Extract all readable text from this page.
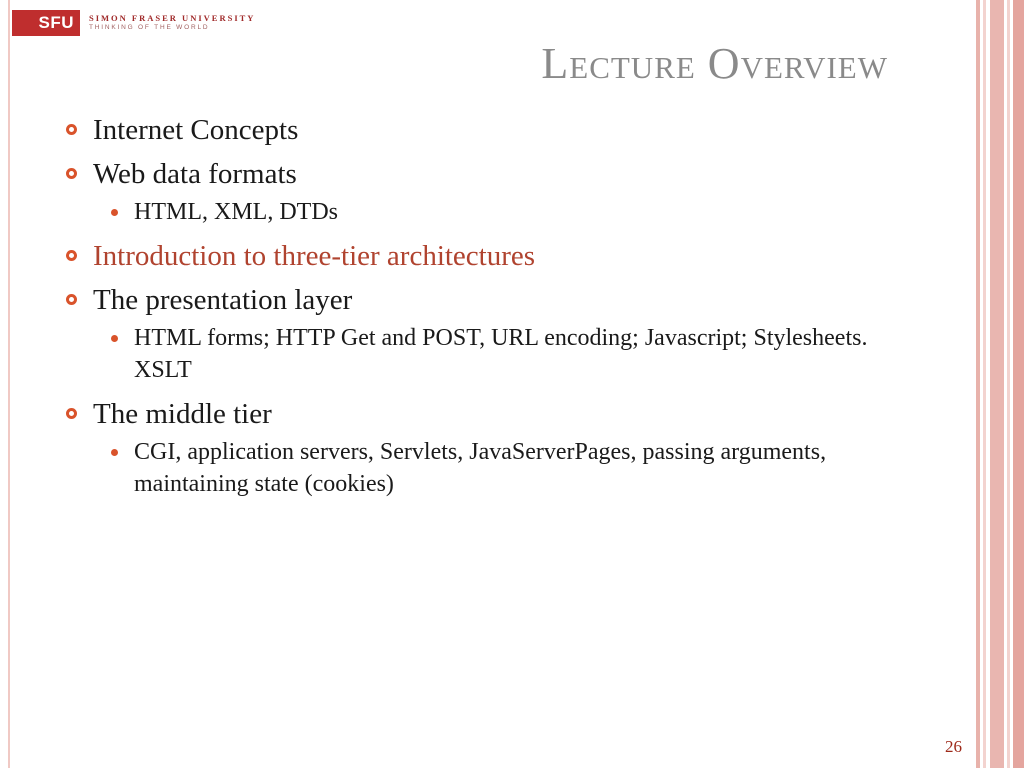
SFU	SIMON FRASER UNIVERSITY
THINKING OF THE WORLD
Lecture Overview
Internet Concepts
Web data formats
HTML, XML, DTDs
Introduction to three-tier architectures
The presentation layer
HTML forms; HTTP Get and POST, URL encoding; Javascript; Stylesheets. XSLT
The middle tier
CGI, application servers, Servlets, JavaServerPages, passing arguments, maintaining state (cookies)
26
